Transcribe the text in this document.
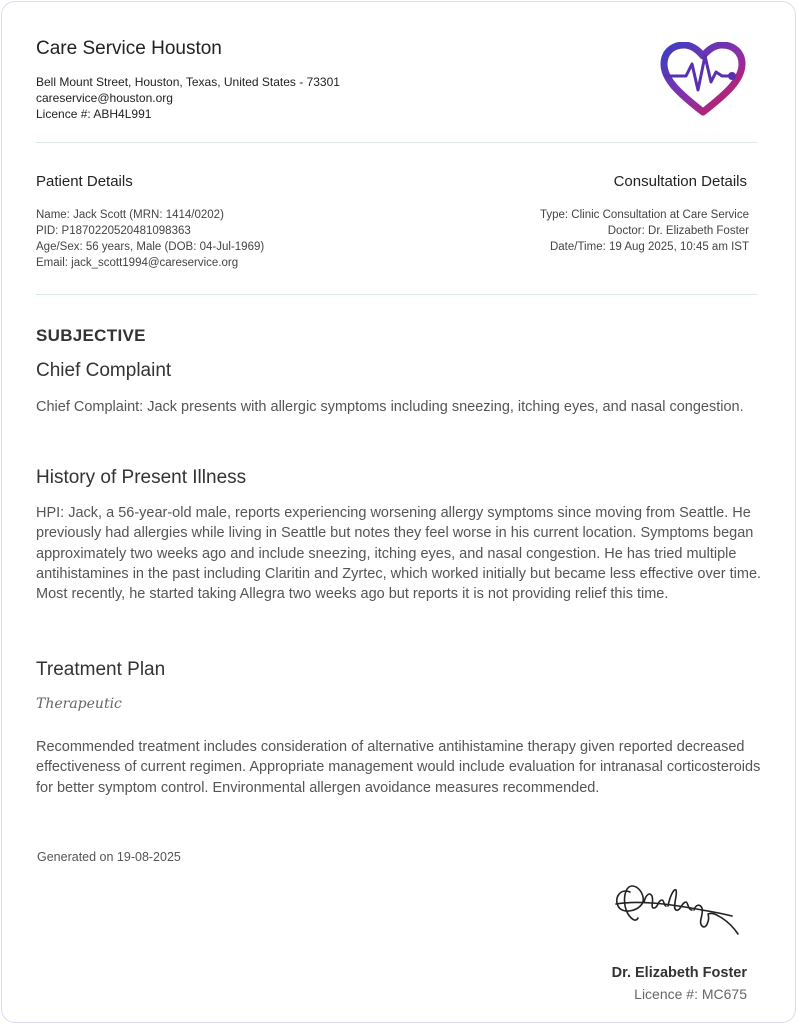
Care Service Houston
Bell Mount Street, Houston, Texas, United States - 73301
careservice@houston.org
Licence #: ABH4L991
Patient Details	Consultation Details
Name: Jack Scott (MRN: 1414/0202)
PID: P1870220520481098363
Age/Sex: 56 years, Male (DOB: 04-Jul-1969)
Email: jack_scott1994@careservice.org
Type: Clinic Consultation at Care Service
Doctor: Dr. Elizabeth Foster
Date/Time: 19 Aug 2025, 10:45 am IST
SUBJECTIVE
Chief Complaint
Chief Complaint: Jack presents with allergic symptoms including sneezing, itching eyes, and nasal congestion.
History of Present Illness
HPI: Jack, a 56-year-old male, reports experiencing worsening allergy symptoms since moving from Seattle. He previously had allergies while living in Seattle but notes they feel worse in his current location. Symptoms began approximately two weeks ago and include sneezing, itching eyes, and nasal congestion. He has tried multiple antihistamines in the past including Claritin and Zyrtec, which worked initially but became less effective over time. Most recently, he started taking Allegra two weeks ago but reports it is not providing relief this time.
Treatment Plan
Therapeutic
Recommended treatment includes consideration of alternative antihistamine therapy given reported decreased effectiveness of current regimen. Appropriate management would include evaluation for intranasal corticosteroids for better symptom control. Environmental allergen avoidance measures recommended.
Generated on 19-08-2025
Dr. Elizabeth Foster
Licence #: MC675
